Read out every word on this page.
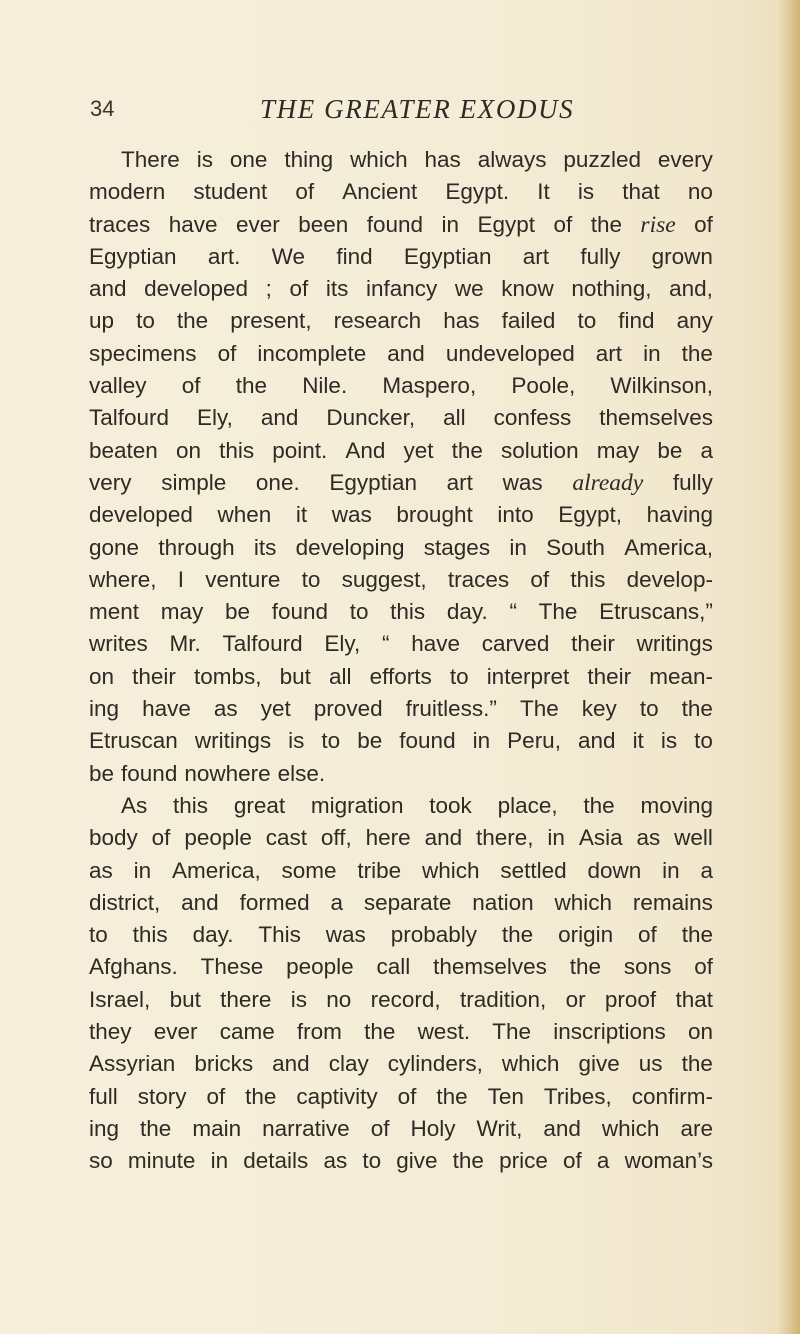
34	THE GREATER EXODUS
There is one thing which has always puzzled every
modern student of Ancient Egypt. It is that no
traces have ever been found in Egypt of the rise of
Egyptian art. We find Egyptian art fully grown
and developed ; of its infancy we know nothing, and,
up to the present, research has failed to find any
specimens of incomplete and undeveloped art in the
valley of the Nile. Maspero, Poole, Wilkinson,
Talfourd Ely, and Duncker, all confess themselves
beaten on this point. And yet the solution may be a
very simple one. Egyptian art was already fully
developed when it was brought into Egypt, having
gone through its developing stages in South America,
where, I venture to suggest, traces of this develop-
ment may be found to this day. “ The Etruscans,”
writes Mr. Talfourd Ely, “ have carved their writings
on their tombs, but all efforts to interpret their mean-
ing have as yet proved fruitless.” The key to the
Etruscan writings is to be found in Peru, and it is to
be found nowhere else.
As this great migration took place, the moving
body of people cast off, here and there, in Asia as well
as in America, some tribe which settled down in a
district, and formed a separate nation which remains
to this day. This was probably the origin of the
Afghans. These people call themselves the sons of
Israel, but there is no record, tradition, or proof that
they ever came from the west. The inscriptions on
Assyrian bricks and clay cylinders, which give us the
full story of the captivity of the Ten Tribes, confirm-
ing the main narrative of Holy Writ, and which are
so minute in details as to give the price of a woman’s
